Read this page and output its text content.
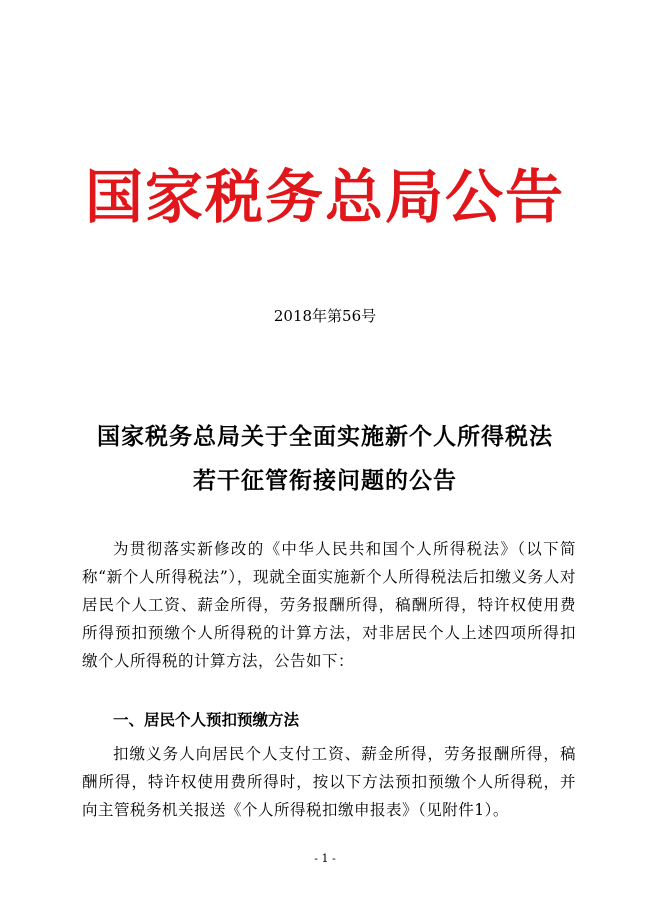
国家税务总局公告
2018年第56号
国家税务总局关于全面实施新个人所得税法
若干征管衔接问题的公告
为贯彻落实新修改的《中华人民共和国个人所得税法》（以下简称“新个人所得税法”），现就全面实施新个人所得税法后扣缴义务人对居民个人工资、薪金所得，劳务报酬所得，稿酬所得，特许权使用费所得预扣预缴个人所得税的计算方法，对非居民个人上述四项所得扣缴个人所得税的计算方法，公告如下：
一、居民个人预扣预缴方法
扣缴义务人向居民个人支付工资、薪金所得，劳务报酬所得，稿酬所得，特许权使用费所得时，按以下方法预扣预缴个人所得税，并向主管税务机关报送《个人所得税扣缴申报表》（见附件1）。
- 1 -
